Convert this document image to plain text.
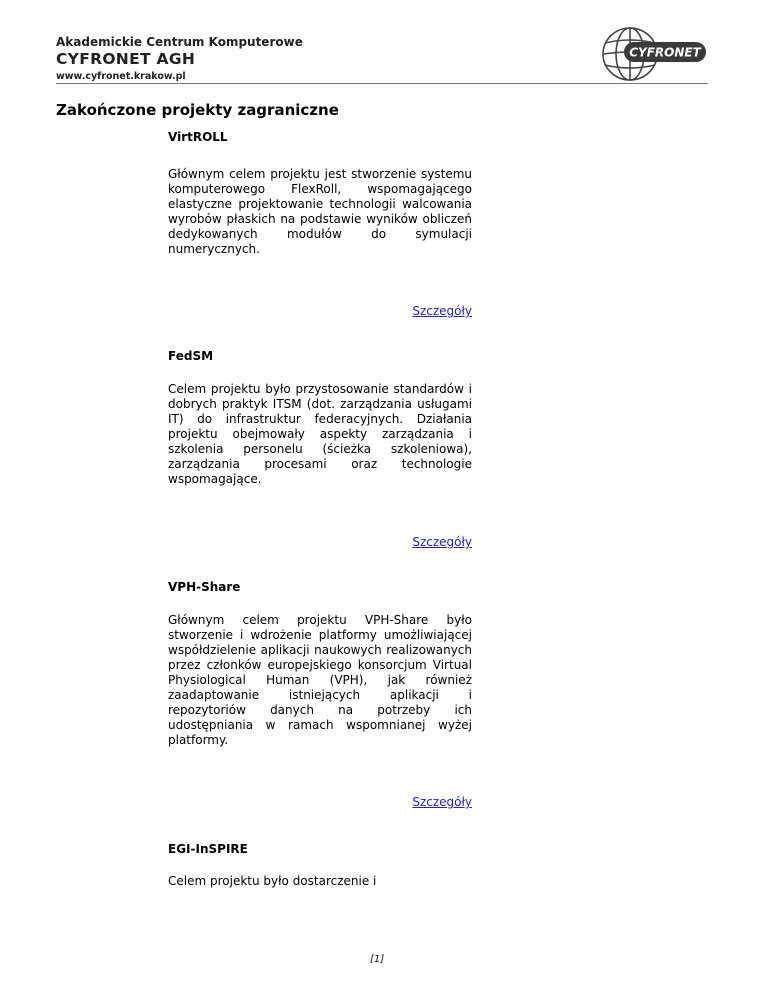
Akademickie Centrum Komputerowe
CYFRONET AGH
www.cyfronet.krakow.pl
CYFRONET
Zakończone projekty zagraniczne
VirtROLL

Głównym celem projektu jest stworzenie systemu komputerowego FlexRoll, wspomagającego elastyczne projektowanie technologii walcowania wyrobów płaskich na podstawie wyników obliczeń dedykowanych modułów do symulacji numerycznych.

Szczegóły
FedSM

Celem projektu było przystosowanie standardów i dobrych praktyk ITSM (dot. zarządzania usługami IT) do infrastruktur federacyjnych. Działania projektu obejmowały aspekty zarządzania i szkolenia personelu (ścieżka szkoleniowa), zarządzania procesami oraz technologie wspomagające.

Szczegóły
VPH-Share

Głównym celem projektu VPH-Share było stworzenie i wdrożenie platformy umożliwiającej współdzielenie aplikacji naukowych realizowanych przez członków europejskiego konsorcjum Virtual Physiological Human (VPH), jak również zaadaptowanie istniejących aplikacji i repozytoriów danych na potrzeby ich udostępniania w ramach wspomnianej wyżej platformy.

Szczegóły
EGI-InSPIRE

Celem projektu było dostarczenie i

[1]
